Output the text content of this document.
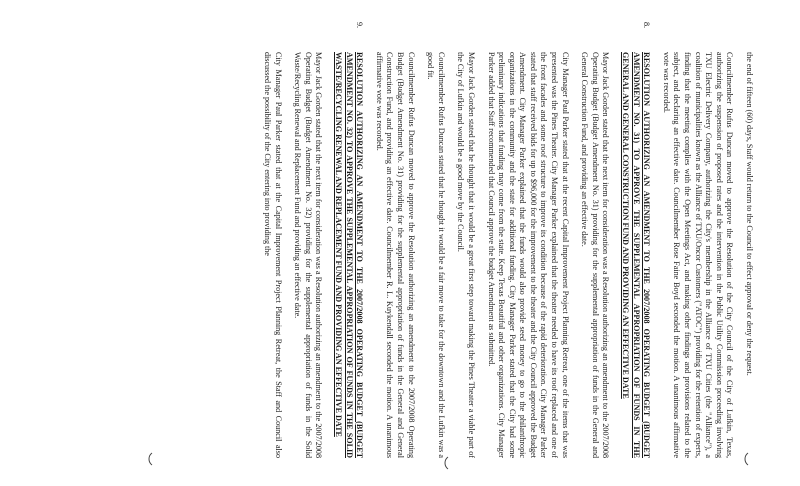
the end of fifteen (60) days, Staff would return to the Council to effect approval or deny the request.

Councilmember Rufus Duncan moved to approve the Resolution of the City Council of the City of Lufkin, Texas, authorizing the suspension of proposed rates and the intervention in the Public Utility Commission proceeding involving TXU Electric Delivery Company, authorizing the City's membership in the Alliance of TXU Cities (the "Alliance"), a coalition of municipalities known as the Alliance of TXU/Oncor Customers ("ATOC") providing for the retention of experts, finding that the meeting complies with the Open Meetings Act, and making other findings and provisions related to the subject, and declaring an effective date. Councilmember Rose Faine Boyd seconded the motion. A unanimous affirmative vote was recorded.

8.

RESOLUTION AUTHORIZING AN AMENDMENT TO THE 2007/2008 OPERATING BUDGET (BUDGET AMENDMENT NO. 31) TO APPROVE THE SUPPLEMENTAL APPROPRIATION OF FUNDS IN THE GENERAL AND GENERAL CONSTRUCTION FUND AND PROVIDING AN EFFECTIVE DATE

Mayor Jack Gorden stated that the next item for consideration was a Resolution authorizing an amendment to the 2007/2008 Operating Budget (Budget Amendment No. 31) providing for the supplemental appropriation of funds in the General and General Construction Fund, and providing an effective date.

City Manager Paul Parker stated that at the recent Capital Improvement Project Planning Retreat, one of the items that was presented was the Pines Theater. City Manager Parker explained that the theater needed to have its roof replaced and one of the front facades and some roof structure to improve its condition because of the rapid deterioration. City Manager Parker stated that staff received bids for up to $96,000 for the improvement to the theater and the City Council approved the Budget Amendment. City Manager Parker explained that the funds would also provide seed money to go to the philanthropic organizations in the community and the state for additional funding. City Manager Parker stated that the City had some preliminary indications that funding may come from the state. Keep Texas Beautiful and other organizations. City Manager Parker added that Staff recommended that Council approve the budget Amendment as submitted.

Mayor Jack Gorden stated that he thought that it would be a great first step toward making the Pines Theater a viable part of the City of Lufkin and would be a good move by the Council.

Councilmember Rufus Duncan stated that he thought it would be a fair move to take for the downtown and the Lufkin was a good fit.

Councilmember Rufus Duncan moved to approve the Resolution authorizing an amendment to the 2007/2008 Operating Budget (Budget Amendment No. 31) providing for the supplemental appropriation of funds in the General and General Construction Fund, and providing an effective date. Councilmember R. L. Kuykendall seconded the motion. A unanimous affirmative vote was recorded.

9.

RESOLUTION AUTHORIZING AN AMENDMENT TO THE 2007/2008 OPERATING BUDGET (BUDGET AMENDMENT NO. 32) TO APPROVE THE SUPPLEMENTAL APPROPRIATION OF FUNDS IN THE SOLID WASTE/RECYCLING RENEWAL AND REPLACEMENT FUND AND PROVIDING AN EFFECTIVE DATE

Mayor Jack Gorden stated that the next item for consideration was a Resolution authorizing an amendment to the 2007/2008 Operating Budget (Budget Amendment No. 32) providing for the supplemental appropriation of funds in the Solid Waste/Recycling Renewal and Replacement Fund and providing an effective date.

City Manager Paul Parker stated that at the Capital Improvement Project Planning Retreat, the Staff and Council also discussed the possibility of the City entering into providing the
